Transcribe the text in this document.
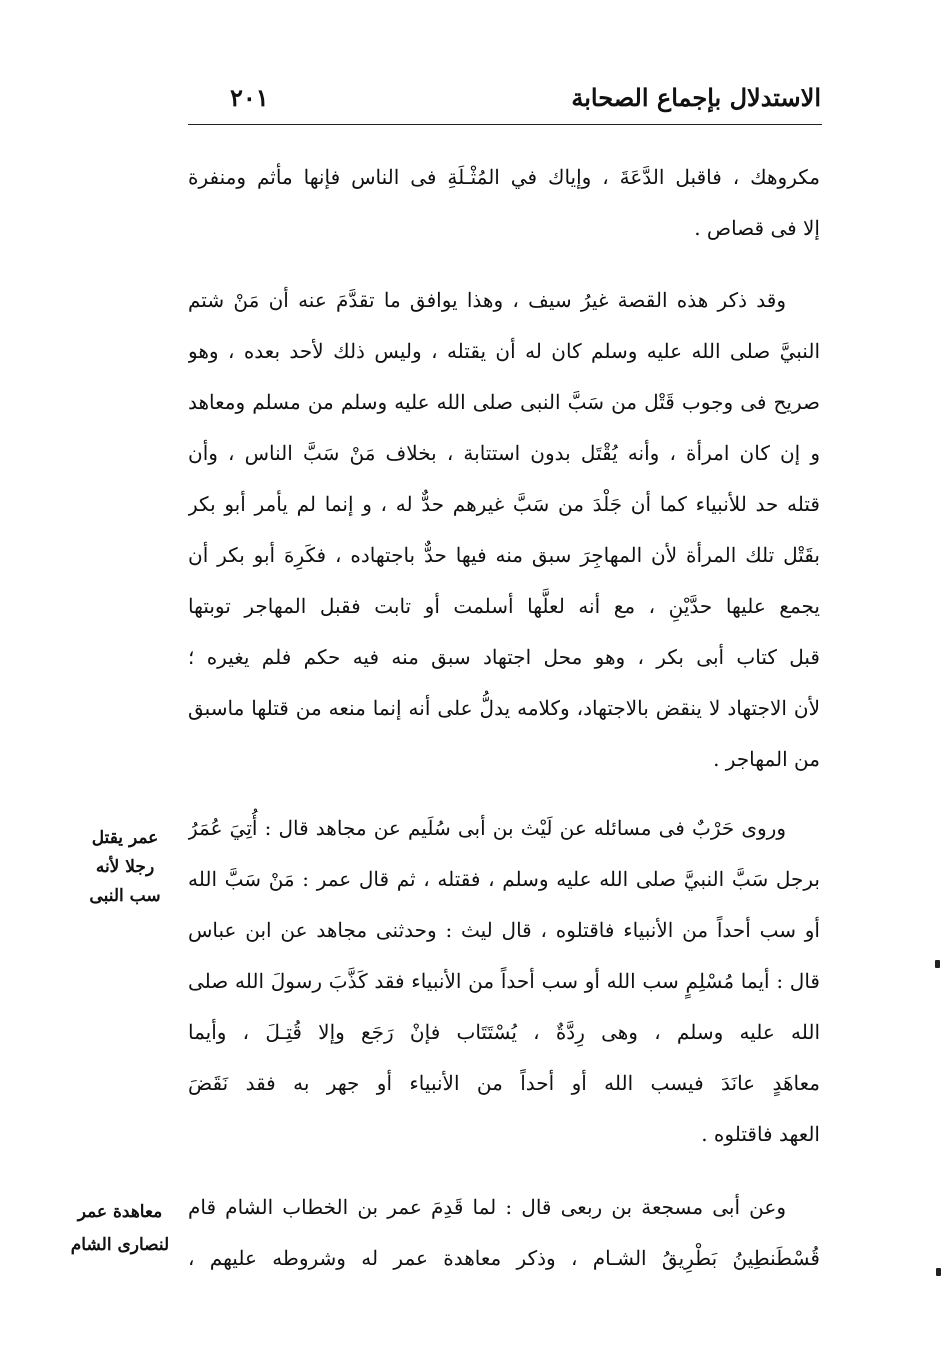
الاستدلال بإجماع الصحابة
٢٠١
مكروهك ، فاقبل الدَّعَةَ ، وإياك في المُثْـلَةِ فى الناس فإنها مأثم ومنفرة
إلا فى قصاص .
وقد ذكر هذه القصة غيرُ سيف ، وهذا يوافق ما تقدَّمَ عنه أن مَنْ شتم
النبيَّ صلى الله عليه وسلم كان له أن يقتله ، وليس ذلك لأحد بعده ، وهو
صريح فى وجوب قَتْل من سَبَّ النبى صلى الله عليه وسلم من مسلم ومعاهد
و إن كان امرأة ، وأنه يُقْتَل بدون استتابة ، بخلاف مَنْ سَبَّ الناس ، وأن
قتله حد للأنبياء كما أن جَلْدَ من سَبَّ غيرهم حدٌّ له ، و إنما لم يأمر أبو بكر
بقَتْل تلك المرأة لأن المهاجِرَ سبق منه فيها حدٌّ باجتهاده ، فكَرِهَ أبو بكر أن
يجمع عليها حدَّيْنِ ، مع أنه لعلَّها أسلمت أو تابت فقبل المهاجر توبتها
قبل كتاب أبى بكر ، وهو محل اجتهاد سبق منه فيه حكم فلم يغيره ؛
لأن الاجتهاد لا ينقض بالاجتهاد، وكلامه يدلُّ على أنه إنما منعه من قتلها ماسبق
من المهاجر .
وروى حَرْبٌ فى مسائله عن لَيْث بن أبى سُلَيم عن مجاهد قال : أُتِيَ عُمَرُ
برجل سَبَّ النبيَّ صلى الله عليه وسلم ، فقتله ، ثم قال عمر : مَنْ سَبَّ الله
أو سب أحداً من الأنبياء فاقتلوه ، قال ليث : وحدثنى مجاهد عن ابن عباس
قال : أيما مُسْلِمٍ سب الله أو سب أحداً من الأنبياء فقد كَذَّبَ رسولَ الله صلى
الله عليه وسلم ، وهى رِدَّةٌ ، يُسْتَتَاب فإنْ رَجَع وإلا قُتِـلَ ، وأيما
معاهَدٍ عانَدَ فيسب الله أو أحداً من الأنبياء أو جهر به فقد نَقَضَ
العهد فاقتلوه .
وعن أبى مسجعة بن ربعى قال : لما قَدِمَ عمر بن الخطاب الشام قام
قُسْطَنطِينُ بَطْرِيقُ الشـام ، وذكر معاهدة عمر له وشروطه عليهم ،
عمر يقتل
رجلا لأنه
سب النبى
معاهدة عمر
لنصارى الشام
